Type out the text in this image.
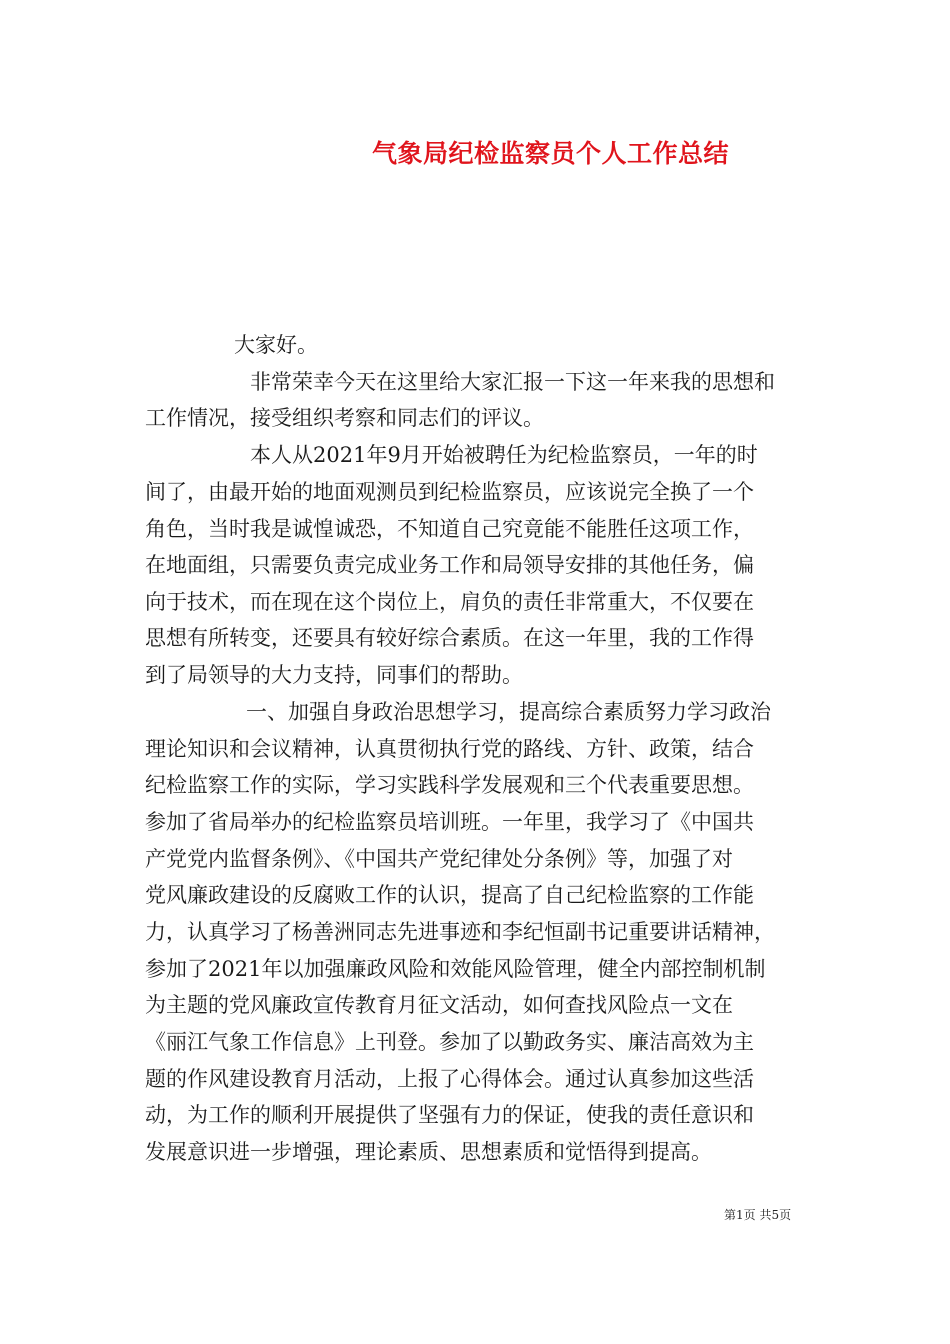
气象局纪检监察员个人工作总结
大家好。
非常荣幸今天在这里给大家汇报一下这一年来我的思想和
工作情况，接受组织考察和同志们的评议。
本人从2021年9月开始被聘任为纪检监察员，一年的时
间了，由最开始的地面观测员到纪检监察员，应该说完全换了一个
角色，当时我是诚惶诚恐，不知道自己究竟能不能胜任这项工作，
在地面组，只需要负责完成业务工作和局领导安排的其他任务，偏
向于技术，而在现在这个岗位上，肩负的责任非常重大，不仅要在
思想有所转变，还要具有较好综合素质。在这一年里，我的工作得
到了局领导的大力支持，同事们的帮助。
一、加强自身政治思想学习，提高综合素质努力学习政治
理论知识和会议精神，认真贯彻执行党的路线、方针、政策，结合
纪检监察工作的实际，学习实践科学发展观和三个代表重要思想。
参加了省局举办的纪检监察员培训班。一年里，我学习了《中国共
产党党内监督条例》、《中国共产党纪律处分条例》等，加强了对
党风廉政建设的反腐败工作的认识，提高了自己纪检监察的工作能
力，认真学习了杨善洲同志先进事迹和李纪恒副书记重要讲话精神，
参加了2021年以加强廉政风险和效能风险管理，健全内部控制机制
为主题的党风廉政宣传教育月征文活动，如何查找风险点一文在
《丽江气象工作信息》上刊登。参加了以勤政务实、廉洁高效为主
题的作风建设教育月活动，上报了心得体会。通过认真参加这些活
动，为工作的顺利开展提供了坚强有力的保证，使我的责任意识和
发展意识进一步增强，理论素质、思想素质和觉悟得到提高。
第1页 共5页
